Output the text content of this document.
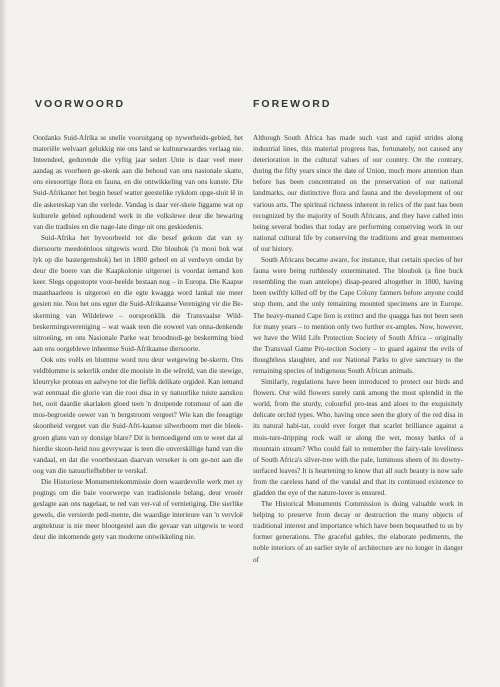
VOORWOORD	FOREWORD

Oordanks Suid-Afrika se snelle vooruitgang op nywerheids-gebied, het materiële welvaart gelukkig nie ons land se kultuurwaardes verlaag nie. Inteendeel, gedurende die vyftig jaar sedert Unie is daar veel meer aandag as voorheen ge-skenk aan die behoud van ons nasionale skatte, ons eiesoortige flora en fauna, en die ontwikkeling van ons kunste. Die Suid-Afrikaner het begin besef watter geestelike rykdom opge-sluit lê in die asketeskap van die verlede. Vandag is daar ver-skeie liggame wat op kulturele gebied ophoudend werk in die volkslewe deur die bewaring van die tradisies en die nage-late dinge uit ons geskiedenis.

Suid-Afrika het byvoorbeeld tot die besef gekom dat van sy diersoorte meedoënloos uitgewis word. Die bloubok ('n mooi bok wat lyk op die bastergemsbok) het in 1800 geheel en al verdwyn omdat hy deur die boere van die Kaapkolonie uitgeroei is voordat iemand kon keer. Slegs opgestopte voor-beelde bestaan nog – in Europa. Die Kaapse maanhaarleeu is uitgeroei en die egte kwagga word lankal nie meer gesien nie. Nou het ons egter die Suid-Afrikaanse Vereniging vir die Be-skerming van Wildelewe – oorspronklik die Transvaalse Wild-beskermingsvereniging – wat waak teen die eoweel van onna-denkende uitroeiing, en ons Nasionale Parke wat broodnodi-ge beskerming bied aan ons oorgeblewe inheemse Suid-Afrikaanse diersoorte.

Ook ons voëls en blomme word nou deur wetgewing be-skerm. Ons veldblomme is sekerlik onder die mooiste in die wêreld, van die stewige, kleurryke proteas en aalwyne tot die lieflik delikate orgideë. Kan iemand wat eenmaal die glorie van die rooi disa in sy natuurlike tuiste aanskou het, ooit daardie skarlaken gloed teen 'n druipende rotsmuur of aan die mos-begroeide oewer van 'n bergstroom vergeet? Wie kan die feeagtige skoonheid vergeet van die Suid-Afri-kaanse silwerboom met die bleek-groen glans van sy donsige blare? Dit is bemoedigend om te weet dat al hierdie skoon-heid nou gevrywaar is teen die onverskillige hand van die vandaal, en dat die voortbestaan daarvan verseker is om ge-not aan die oog van die natuurliefhebber te verskaf.

Die Historiese Monumentekommissie doen waardevolle werk met sy pogings om die baie voorwerpe van tradisionele belang, deur vroeër geslagte aan ons nagelaat, te red van ver-val of vernietiging. Die sierlike gewels, die versierde pedi-mente, die waardige interieure van 'n vervloë argitektuur is nie meer blootgestel aan die gevaar van uitgewis te word deur die inkomende gety van moderne ontwikkeling nie.

Although South Africa has made such vast and rapid strides along industrial lines, this material progress has, fortunately, not caused any deterioration in the cultural values of our country. On the contrary, during the fifty years since the date of Union, much more attention than before has been concentrated on the preservation of our national landmarks, our distinctive flora and fauna and the development of our various arts. The spiritual richness inherent in relics of the past has been recognized by the majority of South Africans, and they have called into being several bodies that today are performing conserving work in our national cultural life by conserving the traditions and great mementoes of our history.

South Africans became aware, for instance, that certain species of her fauna were being ruthlessly exterminated. The bloubok (a fine buck resembling the roan antelope) disap-peared altogether in 1800, having been swiftly killed off by the Cape Colony farmers before anyone could stop them, and the only remaining mounted specimens are in Europe. The heavy-maned Cape lion is extinct and the quagga has not been seen for many years – to mention only two further ex-amples. Now, however, we have the Wild Life Protection Society of South Africa – originally the Transvaal Game Pro-tection Society – to guard against the evils of thoughtless slaughter, and our National Parks to give sanctuary to the remaining species of indigenous South African animals.

Similarly, regulations have been introduced to protect our birds and flowers. Our wild flowers surely rank among the most splendid in the world, from the sturdy, colourful pro-teas and aloes to the exquisitely delicate orchid types. Who, having once seen the glory of the red disa in its natural habi-tat, could ever forget that scarlet brilliance against a mois-ture-dripping rock wall or along the wet, mossy banks of a mountain stream? Who could fail to remember the fairy-tale loveliness of South Africa's silver-tree with the pale, luminous sheen of its downy-surfaced leaves? It is heartening to know that all such beauty is now safe from the careless hand of the vandal and that its continued existence to gladden the eye of the nature-lover is ensured.

The Historical Monuments Commission is doing valuable work in helping to preserve from decay or destruction the many objects of traditional interest and importance which have been bequeathed to us by former generations. The graceful gables, the elaborate pediments, the noble interiors of an earlier style of architecture are no longer in danger of
